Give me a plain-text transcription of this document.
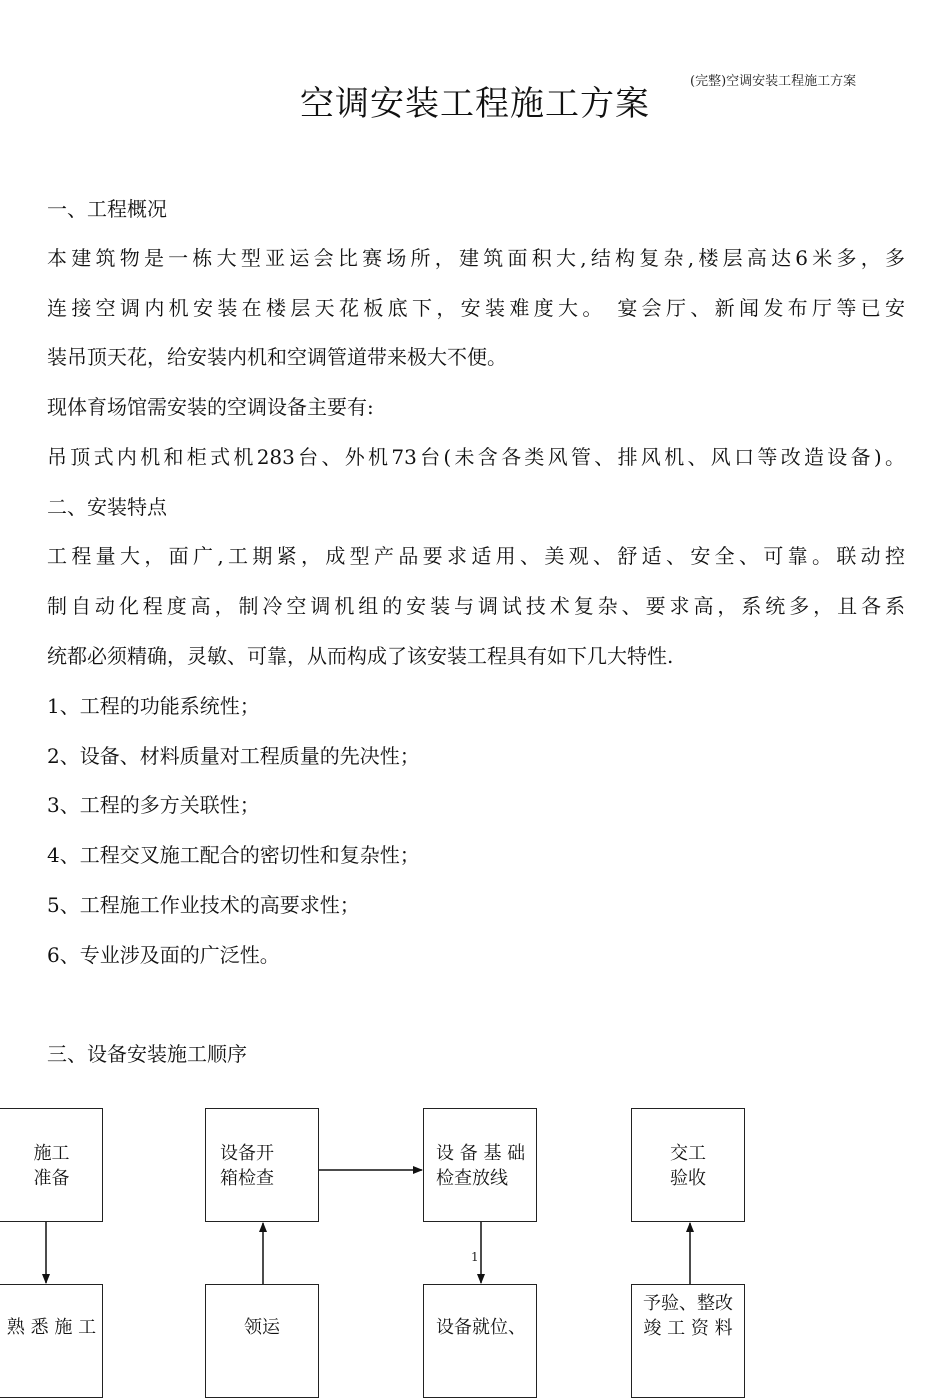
(完整)空调安装工程施工方案
空调安装工程施工方案
一、工程概况
本建筑物是一栋大型亚运会比赛场所，建筑面积大,结构复杂,楼层高达6米多，多
连接空调内机安装在楼层天花板底下，安装难度大。 宴会厅、新闻发布厅等已安
装吊顶天花，给安装内机和空调管道带来极大不便。
现体育场馆需安装的空调设备主要有:
吊顶式内机和柜式机283台、外机73台(未含各类风管、排风机、风口等改造设备)。
二、安装特点
工程量大，面广,工期紧，成型产品要求适用、美观、舒适、安全、可靠。联动控
制自动化程度高，制冷空调机组的安装与调试技术复杂、要求高，系统多，且各系
统都必须精确，灵敏、可靠，从而构成了该安装工程具有如下几大特性.
1、工程的功能系统性；
2、设备、材料质量对工程质量的先决性；
3、工程的多方关联性；
4、工程交叉施工配合的密切性和复杂性；
5、工程施工作业技术的高要求性；
6、专业涉及面的广泛性。
三、设备安装施工顺序
施工
准备
设备开
箱检查
设 备 基 础
检查放线
交工
验收
熟 悉 施 工	领运	设备就位、
予验、整改
竣 工 资 料
1
